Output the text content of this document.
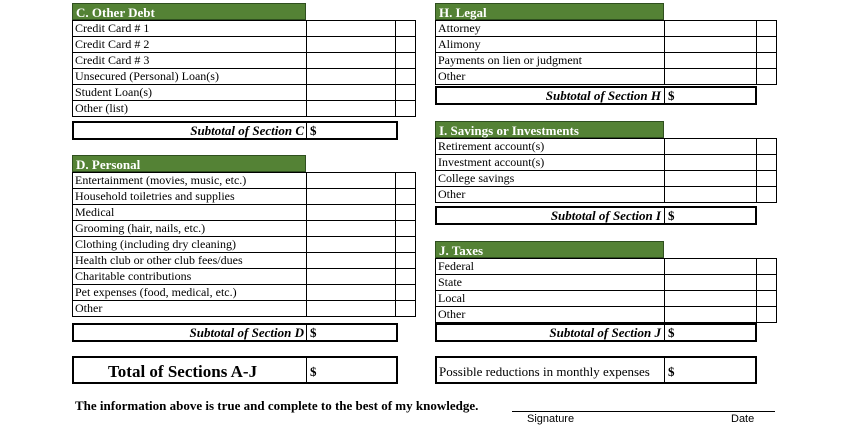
C. Other Debt
Credit Card # 1		
Credit Card # 2		
Credit Card # 3		
Unsecured (Personal) Loan(s)		
Student Loan(s)		
Other (list)		
Subtotal of Section C $
D. Personal
Entertainment (movies, music, etc.)		
Household toiletries and supplies		
Medical		
Grooming (hair, nails, etc.)		
Clothing (including dry cleaning)		
Health club or other club fees/dues		
Charitable contributions		
Pet expenses (food, medical, etc.)		
Other		
Subtotal of Section D $
H. Legal
Attorney		
Alimony		
Payments on lien or judgment		
Other		
Subtotal of Section H $
I. Savings or Investments
Retirement account(s)		
Investment account(s)		
College savings		
Other		
Subtotal of Section I $
J. Taxes
Federal		
State		
Local		
Other		
Subtotal of Section J $
Total of Sections A-J	$	Possible reductions in monthly expenses $
The information above is true and complete to the best of my knowledge.
Signature	Date
